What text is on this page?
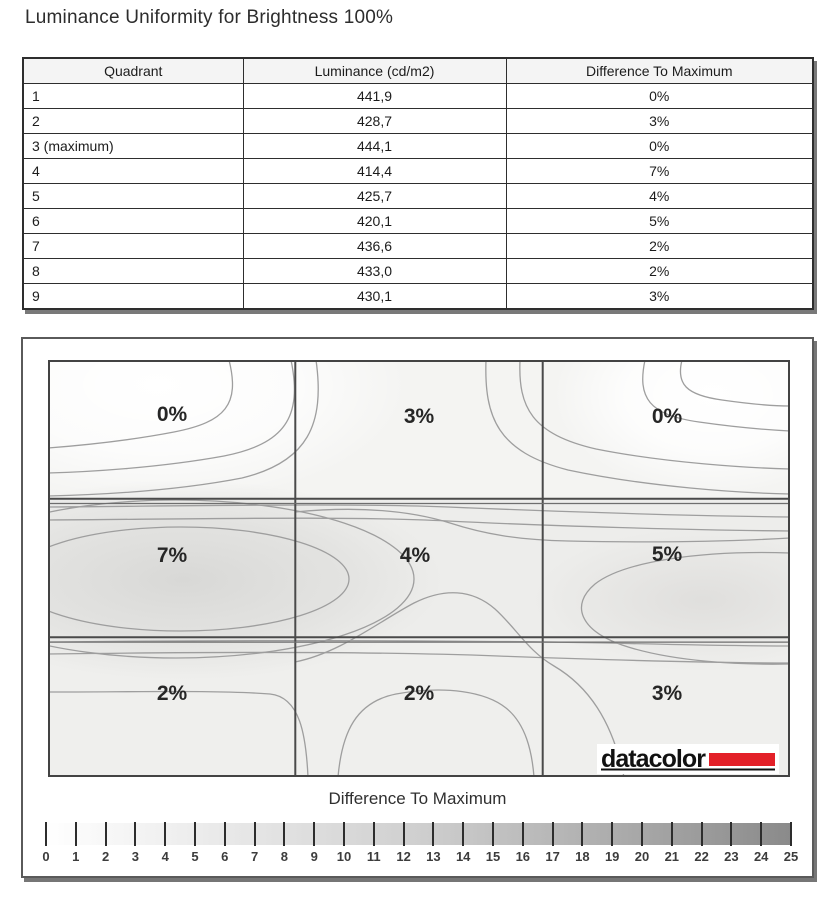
Luminance Uniformity for Brightness 100%
Quadrant	Luminance (cd/m2)	Difference To Maximum
1	441,9	0%
2	428,7	3%
3 (maximum)	444,1	0%
4	414,4	7%
5	425,7	4%
6	420,1	5%
7	436,6	2%
8	433,0	2%
9	430,1	3%
0%	3%	0%
7%	4%	5%
2%	2%	3%
datacolor
Difference To Maximum
0	1	2	3	4	5	6	7	8	9	10 11 12 13 14 15 16 17 18 19 20 21 22 23 24 25
